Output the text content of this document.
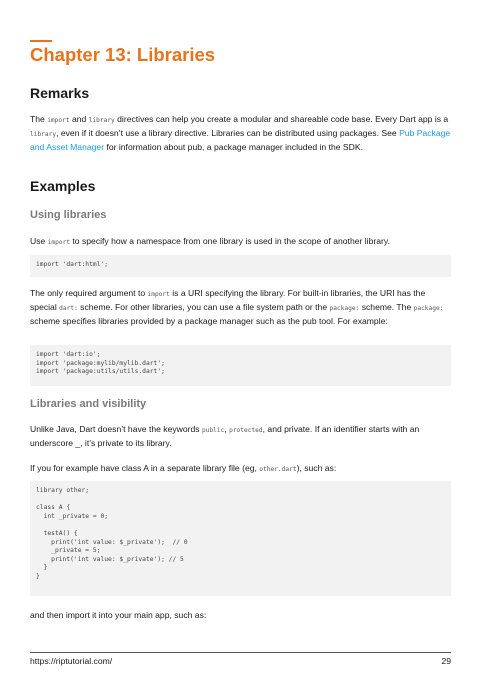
Chapter 13: Libraries
Remarks

The import and library directives can help you create a modular and shareable code base. Every Dart app is a library, even if it doesn’t use a library directive. Libraries can be distributed using packages. See Pub Package and Asset Manager for information about pub, a package manager included in the SDK.

Examples
Using libraries

Use import to specify how a namespace from one library is used in the scope of another library.

import 'dart:html';

The only required argument to import is a URI specifying the library. For built-in libraries, the URI has the special dart: scheme. For other libraries, you can use a file system path or the package: scheme. The package: scheme specifies libraries provided by a package manager such as the pub tool. For example:

import 'dart:io';
import 'package:mylib/mylib.dart';
import 'package:utils/utils.dart';
Libraries and visibility

Unlike Java, Dart doesn’t have the keywords public, protected, and private. If an identifier starts with an underscore _, it’s private to its library.

If you for example have class A in a separate library file (eg, other.dart), such as:

library other;

class A {
int _private = 0;

testA() {
print('int value: $_private');  // 0
_private = 5;
print('int value: $_private'); // 5
}
}

and then import it into your main app, such as:

https://riptutorial.com/	29
